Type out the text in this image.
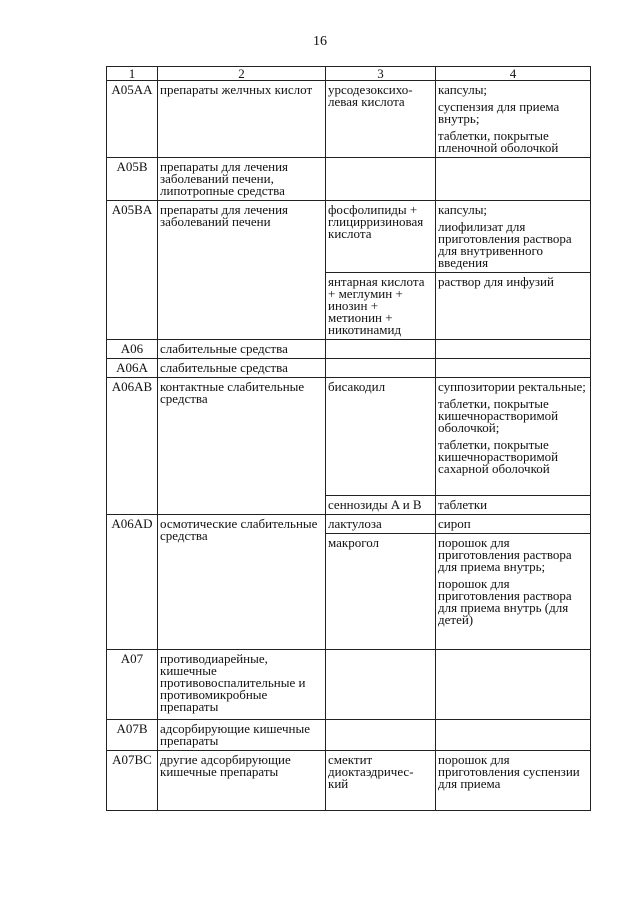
16
1	2	3	4
A05AA	препараты желчных кислот	урсодезоксихо-левая кислота	капсулы;
суспензия для приема внутрь;
таблетки, покрытые пленочной оболочкой

A05B	препараты для лечения заболеваний печени, липотропные средства		
A05BA	препараты для лечения заболеваний печени	фосфолипиды + глицирризиновая кислота	капсулы;
лиофилизат для приготовления раствора для внутривенного введения

		янтарная кислота + меглумин + инозин + метионин + никотинамид	раствор для инфузий

A06	слабительные средства		
A06A	слабительные средства		
A06AB	контактные слабительные средства	бисакодил	суппозитории ректальные;
таблетки, покрытые кишечнорастворимой оболочкой;
таблетки, покрытые кишечнорастворимой сахарной оболочкой

		сеннозиды A и B	таблетки

A06AD	осмотические слабительные средства	лактулоза	сироп

		макрогол	порошок для приготовления раствора для приема внутрь;
порошок для приготовления раствора для приема внутрь (для детей)

A07	противодиарейные, кишечные противовоспалительные и противомикробные препараты		
A07B	адсорбирующие кишечные препараты		
A07BC	другие адсорбирующие кишечные препараты	смектит диоктаэдричес-кий	порошок для приготовления суспензии для приема
